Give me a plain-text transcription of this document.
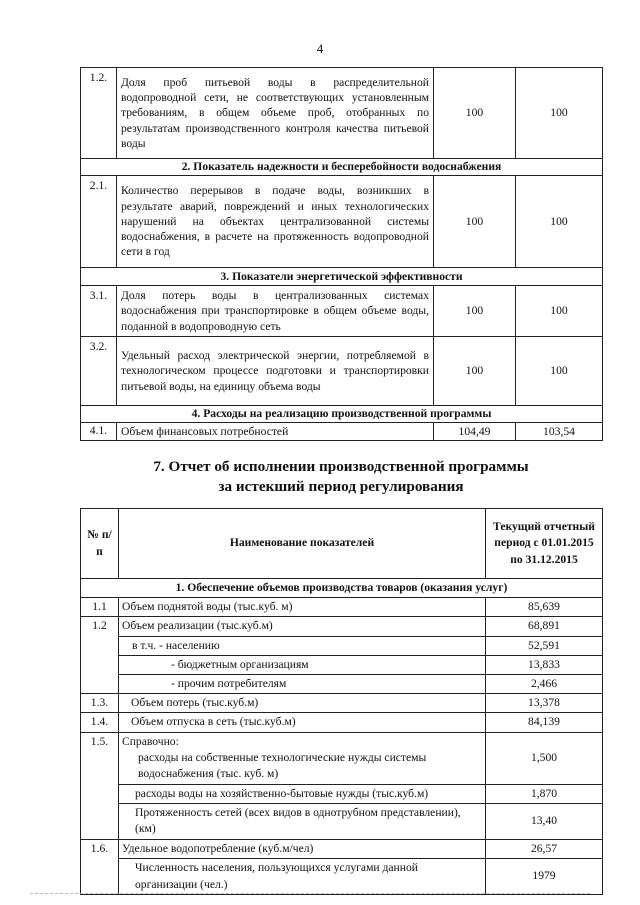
4
1.2.	Доля проб питьевой воды в распределительной водопроводной сети, не соответствующих установленным требованиям, в общем объеме проб, отобранных по результатам производственного контроля качества питьевой воды	100	100
2. Показатель надежности и бесперебойности водоснабжения			
2.1.	Количество перерывов в подаче воды, возникших в результате аварий, повреждений и иных технологических нарушений на объектах централизованной системы водоснабжения, в расчете на протяженность водопроводной сети в год	100	100
3. Показатели энергетической эффективности			
3.1.	Доля потерь воды в централизованных системах водоснабжения при транспортировке в общем объеме воды, поданной в водопроводную сеть	100	100
3.2.	Удельный расход электрической энергии, потребляемой в технологическом процессе подготовки и транспортировки питьевой воды, на единицу объема воды	100	100
4. Расходы на реализацию производственной программы			
4.1.	Объем финансовых потребностей	104,49	103,54
7. Отчет об исполнении производственной программы
за истекший период регулирования
№ п/п	Наименование показателей	Текущий отчетный период с 01.01.2015 по 31.12.2015
1. Обеспечение объемов производства товаров (оказания услуг)		
1.1	Объем поднятой воды (тыс.куб. м)	85,639
1.2	Объем реализации (тыс.куб.м)	68,891
	в т.ч. - населению	52,591
	- бюджетным организациям	13,833
	- прочим потребителям	2,466
1.3.	Объем потерь (тыс.куб.м)	13,378
1.4.	Объем отпуска в сеть (тыс.куб.м)	84,139
1.5.	Справочно:
расходы на собственные технологические нужды системы водоснабжения (тыс. куб. м)	1,500
	расходы воды на хозяйственно-бытовые нужды (тыс.куб.м)	1,870
	Протяженность сетей (всех видов в однотрубном представлении), (км)	13,40
1.6.	Удельное водопотребление (куб.м/чел)	26,57
	Численность населения, пользующихся услугами данной организации (чел.)	1979
